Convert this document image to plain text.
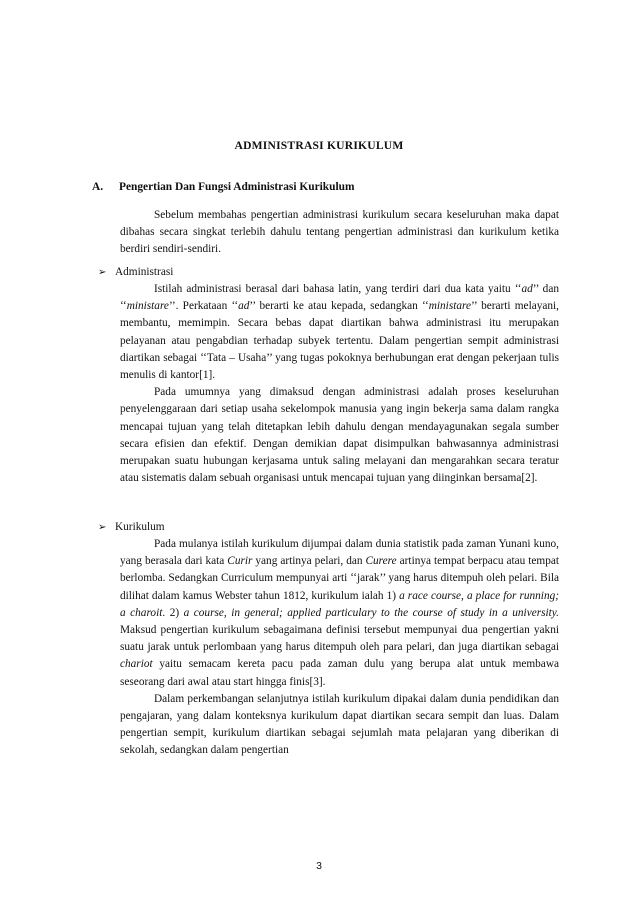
ADMINISTRASI KURIKULUM
A. Pengertian Dan Fungsi Administrasi Kurikulum

Sebelum membahas pengertian administrasi kurikulum secara keseluruhan maka dapat dibahas secara singkat terlebih dahulu tentang pengertian administrasi dan kurikulum ketika berdiri sendiri-sendiri.

➢ Administrasi

Istilah administrasi berasal dari bahasa latin, yang terdiri dari dua kata yaitu ‘‘ad’’ dan ‘‘ministare’’. Perkataan ‘‘ad’’ berarti ke atau kepada, sedangkan ‘‘ministare’’ berarti melayani, membantu, memimpin. Secara bebas dapat diartikan bahwa administrasi itu merupakan pelayanan atau pengabdian terhadap subyek tertentu. Dalam pengertian sempit administrasi diartikan sebagai ‘‘Tata – Usaha’’ yang tugas pokoknya berhubungan erat dengan pekerjaan tulis menulis di kantor[1].

Pada umumnya yang dimaksud dengan administrasi adalah proses keseluruhan penyelenggaraan dari setiap usaha sekelompok manusia yang ingin bekerja sama dalam rangka mencapai tujuan yang telah ditetapkan lebih dahulu dengan mendayagunakan segala sumber secara efisien dan efektif. Dengan demikian dapat disimpulkan bahwasannya administrasi merupakan suatu hubungan kerjasama untuk saling melayani dan mengarahkan secara teratur atau sistematis dalam sebuah organisasi untuk mencapai tujuan yang diinginkan bersama[2].

➢ Kurikulum

Pada mulanya istilah kurikulum dijumpai dalam dunia statistik pada zaman Yunani kuno, yang berasala dari kata Curir yang artinya pelari, dan Curere artinya tempat berpacu atau tempat berlomba. Sedangkan Curriculum mempunyai arti ‘‘jarak’’ yang harus ditempuh oleh pelari. Bila dilihat dalam kamus Webster tahun 1812, kurikulum ialah 1) a race course, a place for running; a charoit. 2) a course, in general; applied particulary to the course of study in a university. Maksud pengertian kurikulum sebagaimana definisi tersebut mempunyai dua pengertian yakni suatu jarak untuk perlombaan yang harus ditempuh oleh para pelari, dan juga diartikan sebagai chariot yaitu semacam kereta pacu pada zaman dulu yang berupa alat untuk membawa seseorang dari awal atau start hingga finis[3].

Dalam perkembangan selanjutnya istilah kurikulum dipakai dalam dunia pendidikan dan pengajaran, yang dalam konteksnya kurikulum dapat diartikan secara sempit dan luas. Dalam pengertian sempit, kurikulum diartikan sebagai sejumlah mata pelajaran yang diberikan di sekolah, sedangkan dalam pengertian

3
